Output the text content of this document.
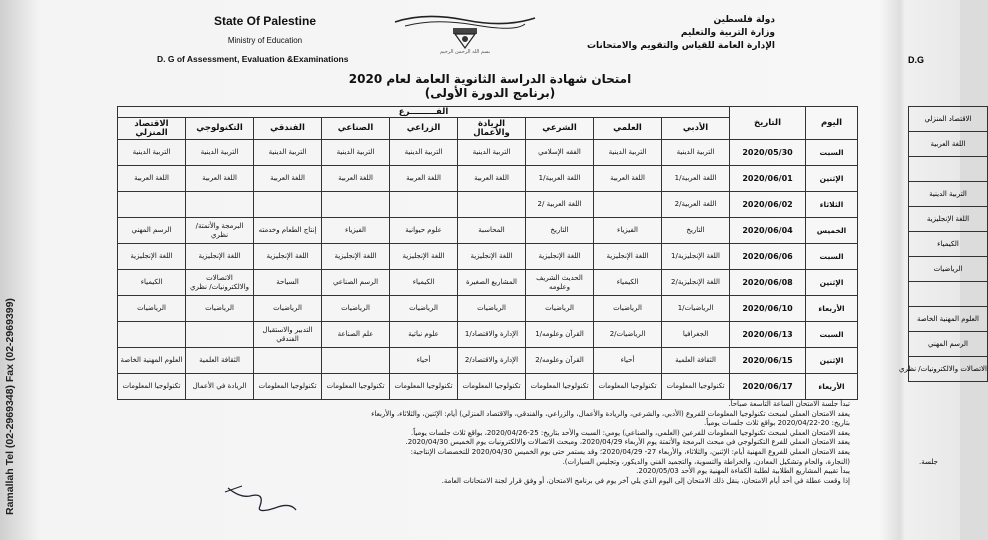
Ramallah Tel (02-2969348) Fax (02-2969399)
State Of Palestine
Ministry of Education
D. G of Assessment, Evaluation &Examinations
بسم الله الرحمن الرحيم
دولة فلسطين
وزارة التربية والتعليم
الإدارة العامة للقياس والتقويم والامتحانات
امتحان شهادة الدراسة الثانوية العامة لعام 2020
(برنامج الدورة الأولى)
اليوم	التاريخ	الفـــــــــرع								
		الأدبي	العلمي	الشرعي	الريادة والأعمال	الزراعي	الصناعي	الفندقي	التكنولوجي	الاقتصاد المنزلي
السبت	2020/05/30	التربية الدينية	التربية الدينية	الفقه الإسلامي	التربية الدينية	التربية الدينية	التربية الدينية	التربية الدينية	التربية الدينية	التربية الدينية
الإثنين	2020/06/01	اللغة العربية/1	اللغة العربية	اللغة العربية/1	اللغة العربية	اللغة العربية	اللغة العربية	اللغة العربية	اللغة العربية	اللغة العربية
الثلاثاء	2020/06/02	اللغة العربية/2		اللغة العربية /2						
الخميس	2020/06/04	التاريخ	الفيزياء	التاريخ	المحاسبة	علوم حيوانية	الفيزياء	إنتاج الطعام وخدمته	البرمجة والأتمتة/ نظري	الرسم المهني
السبت	2020/06/06	اللغة الإنجليزية/1	اللغة الإنجليزية	اللغة الإنجليزية	اللغة الإنجليزية	اللغة الإنجليزية	اللغة الإنجليزية	اللغة الإنجليزية	اللغة الإنجليزية	اللغة الإنجليزية
الإثنين	2020/06/08	اللغة الإنجليزية/2	الكيمياء	الحديث الشريف وعلومه	المشاريع الصغيرة	الكيمياء	الرسم الصناعي	السياحة	الاتصالات والالكترونيات/ نظري	الكيمياء
الأربعاء	2020/06/10	الرياضيات/1	الرياضيات	الرياضيات	الرياضيات	الرياضيات	الرياضيات	الرياضيات	الرياضيات	الرياضيات
السبت	2020/06/13	الجغرافيا	الرياضيات/2	القرآن وعلومه/1	الإدارة والاقتصاد/1	علوم نباتية	علم الصناعة	التدبير والاستقبال الفندقي		
الإثنين	2020/06/15	الثقافة العلمية	أحياء	القرآن وعلومه/2	الإدارة والاقتصاد/2	أحياء			الثقافة العلمية	العلوم المهنية الخاصة
الأربعاء	2020/06/17	تكنولوجيا المعلومات	تكنولوجيا المعلومات	تكنولوجيا المعلومات	تكنولوجيا المعلومات	تكنولوجيا المعلومات	تكنولوجيا المعلومات	تكنولوجيا المعلومات	الريادة في الأعمال	تكنولوجيا المعلومات
تبدأ جلسة الامتحان الساعة التاسعة صباحاً.
يعقد الامتحان العملي لمبحث تكنولوجيا المعلومات للفروع (الأدبي، والشرعي، والريادة والأعمال، والزراعي، والفندقي، والاقتصاد المنزلي) أيام: الإثنين، والثلاثاء، والأربعاء
بتاريخ: 20-2020/04/22 بواقع ثلاث جلسات يومياً.
يعقد الامتحان العملي لمبحث تكنولوجيا المعلومات للفرعين (العلمي، والصناعي) يومي: السبت والأحد بتاريخ: 25-2020/04/26، بواقع ثلاث جلسات يومياً.
يعقد الامتحان العملي للفرع التكنولوجي في مبحث البرمجة والأتمتة يوم الأربعاء 2020/04/29، ومبحث الاتصالات والالكترونيات يوم الخميس 2020/04/30.
يعقد الامتحان العملي للفروع المهنية أيام: الإثنين، والثلاثاء، والأربعاء 27- 2020/04/29؛ وقد يستمر حتى يوم الخميس 2020/04/30 للتخصصات الإنتاجية:
(النجارة، والحام وتشكيل المعادن، والخراطة والتسوية، والتجميد الفني والديكور، وتجليس السيارات).
يبدأ تقييم المشاريع الطلابية لطلبة الكفاءة المهنية يوم الأحد 2020/05/03.
إذا وقعت عطلة في أحد أيام الامتحان، ينقل ذلك الامتحان إلى اليوم الذي يلي آخر يوم في برنامج الامتحان، أو وفق قرار لجنة الامتحانات العامة.
D.G
الاقتصاد المنزلي
اللغة العربية

التربية الدينية
اللغة الإنجليزية
الكيمياء
الرياضيات

العلوم المهنية الخاصة
الرسم المهني
الاتصالات والالكترونيات/ نظري
جلسة.
